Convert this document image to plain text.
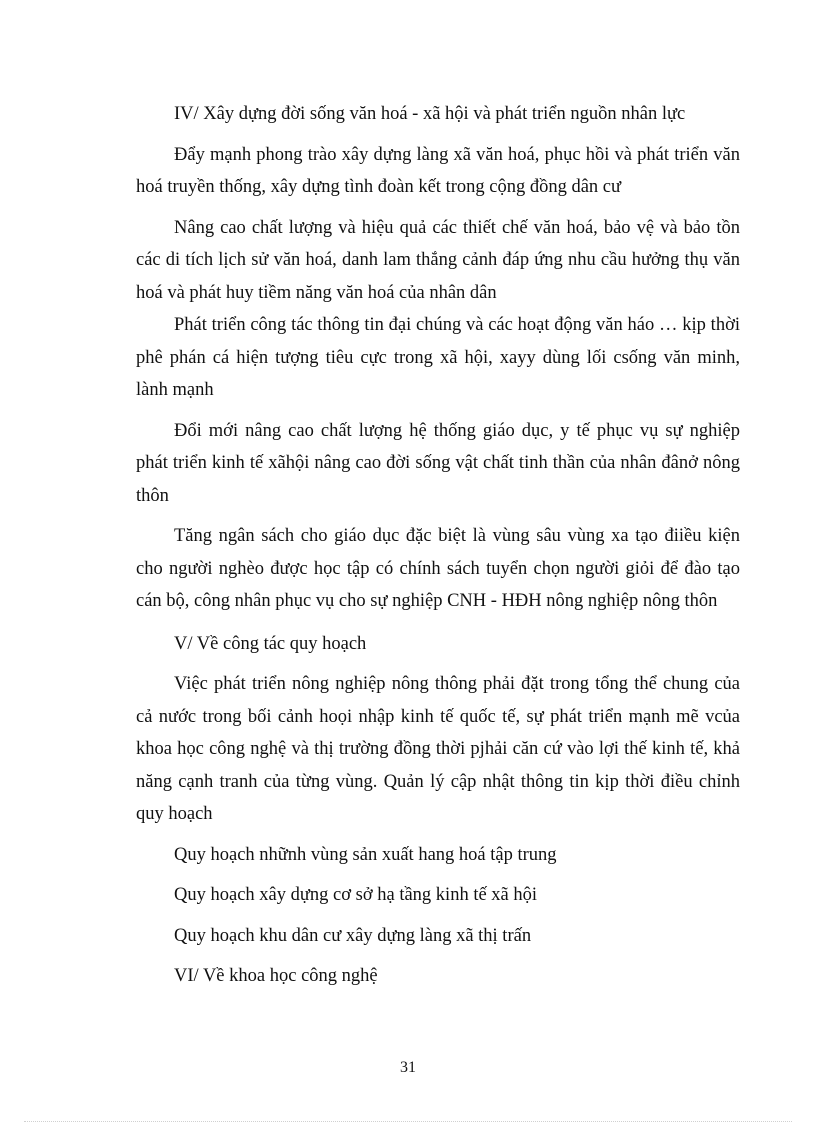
IV/ Xây dựng đời sống văn hoá - xã hội và phát triển nguồn nhân lực

Đẩy mạnh phong trào xây dựng làng xã văn hoá, phục hồi và phát triển văn hoá truyền thống, xây dựng tình đoàn kết trong cộng đồng dân cư

Nâng cao chất lượng và hiệu quả các thiết chế văn hoá, bảo vệ và bảo tồn các di tích lịch sử văn hoá, danh lam thắng cảnh đáp ứng nhu cầu hưởng thụ văn hoá và phát huy tiềm năng văn hoá của nhân dân

Phát triển công tác thông tin đại chúng và các hoạt động văn háo … kịp thời phê phán cá hiện tượng tiêu cực trong xã hội, xayy dùng lối csống văn minh, lành mạnh

Đổi mới nâng cao chất lượng hệ thống giáo dục, y tế phục vụ sự nghiệp phát triển kinh tế xãhội nâng cao đời sống vật chất tinh thần của nhân đânở nông thôn

Tăng ngân sách cho giáo dục đặc biệt là vùng sâu vùng xa tạo điiều kiện cho người nghèo được học tập có chính sách tuyển chọn người giỏi để đào tạo cán bộ, công nhân phục vụ cho sự nghiệp CNH - HĐH nông nghiệp nông thôn

V/ Về công tác quy hoạch

Việc phát triển nông nghiệp nông thông phải đặt trong tổng thể chung của cả nước trong bối cảnh hoọi nhập kinh tế quốc tế, sự phát triển mạnh mẽ vcủa khoa học công nghệ và thị trường đồng thời pjhải căn cứ vào lợi thế kinh tế, khả năng cạnh tranh của từng vùng. Quản lý cập nhật thông tin kịp thời điều chỉnh quy hoạch

Quy hoạch nhữnh vùng sản xuất hang hoá tập trung

Quy hoạch xây dựng cơ sở hạ tầng kinh tế xã hội

Quy hoạch khu dân cư xây dựng làng xã thị trấn

VI/ Về khoa học công nghệ

31
